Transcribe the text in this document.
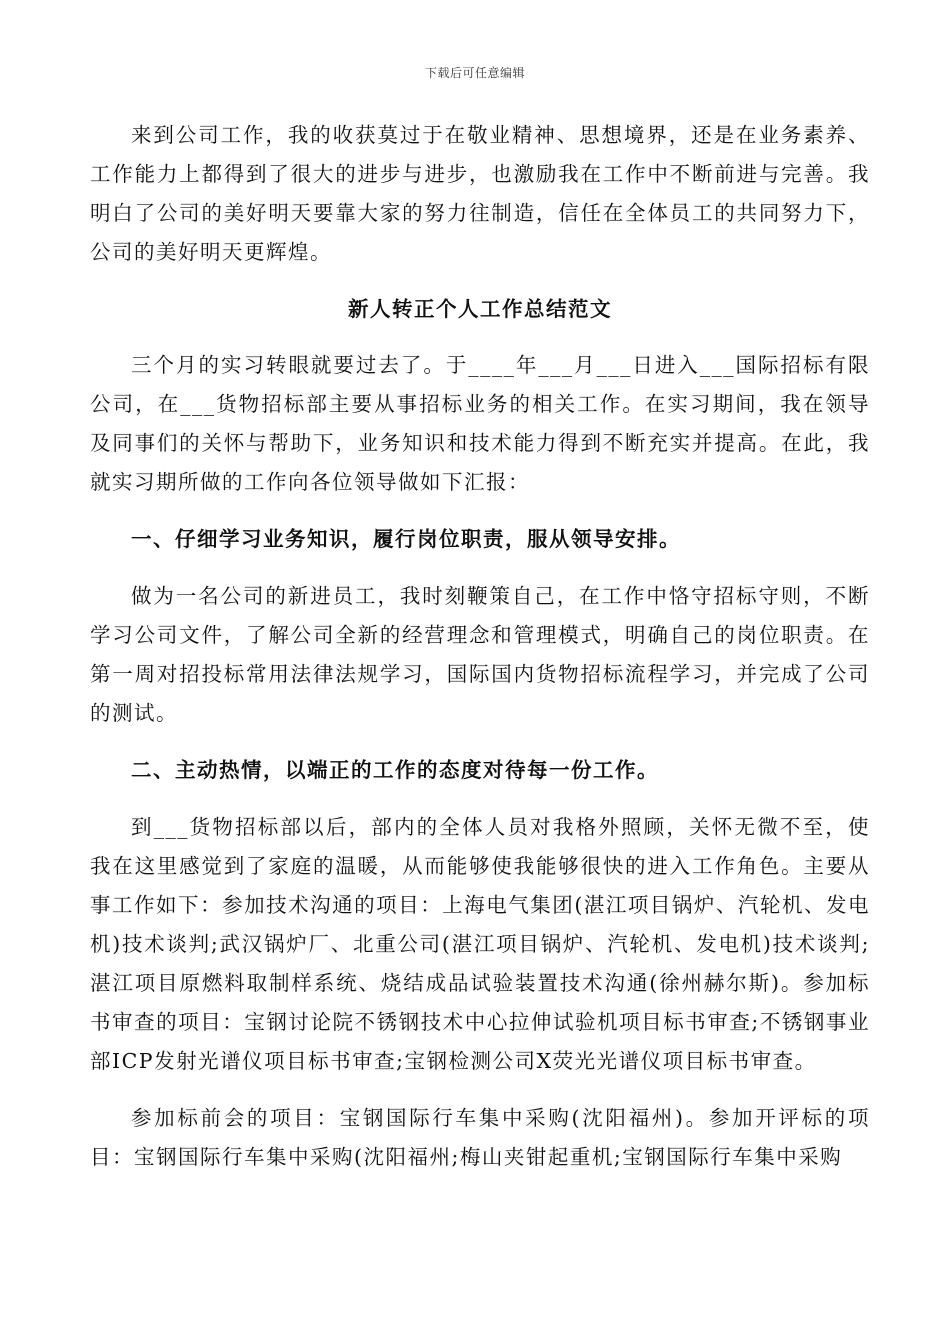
下载后可任意编辑

来到公司工作，我的收获莫过于在敬业精神、思想境界，还是在业务素养、工作能力上都得到了很大的进步与进步，也激励我在工作中不断前进与完善。我明白了公司的美好明天要靠大家的努力往制造，信任在全体员工的共同努力下，公司的美好明天更辉煌。

新人转正个人工作总结范文

三个月的实习转眼就要过去了。于____年___月___日进入___国际招标有限公司，在___货物招标部主要从事招标业务的相关工作。在实习期间，我在领导及同事们的关怀与帮助下，业务知识和技术能力得到不断充实并提高。在此，我就实习期所做的工作向各位领导做如下汇报：

一、仔细学习业务知识，履行岗位职责，服从领导安排。

做为一名公司的新进员工，我时刻鞭策自己，在工作中恪守招标守则，不断学习公司文件，了解公司全新的经营理念和管理模式，明确自己的岗位职责。在第一周对招投标常用法律法规学习，国际国内货物招标流程学习，并完成了公司的测试。

二、主动热情，以端正的工作的态度对待每一份工作。

到___货物招标部以后，部内的全体人员对我格外照顾，关怀无微不至，使我在这里感觉到了家庭的温暖，从而能够使我能够很快的进入工作角色。主要从事工作如下：参加技术沟通的项目：上海电气集团(湛江项目锅炉、汽轮机、发电机)技术谈判;武汉锅炉厂、北重公司(湛江项目锅炉、汽轮机、发电机)技术谈判;湛江项目原燃料取制样系统、烧结成品试验装置技术沟通(徐州赫尔斯)。参加标书审查的项目：宝钢讨论院不锈钢技术中心拉伸试验机项目标书审查;不锈钢事业部ICP发射光谱仪项目标书审查;宝钢检测公司X荧光光谱仪项目标书审查。

参加标前会的项目：宝钢国际行车集中采购(沈阳福州)。参加开评标的项目：宝钢国际行车集中采购(沈阳福州;梅山夹钳起重机;宝钢国际行车集中采购
